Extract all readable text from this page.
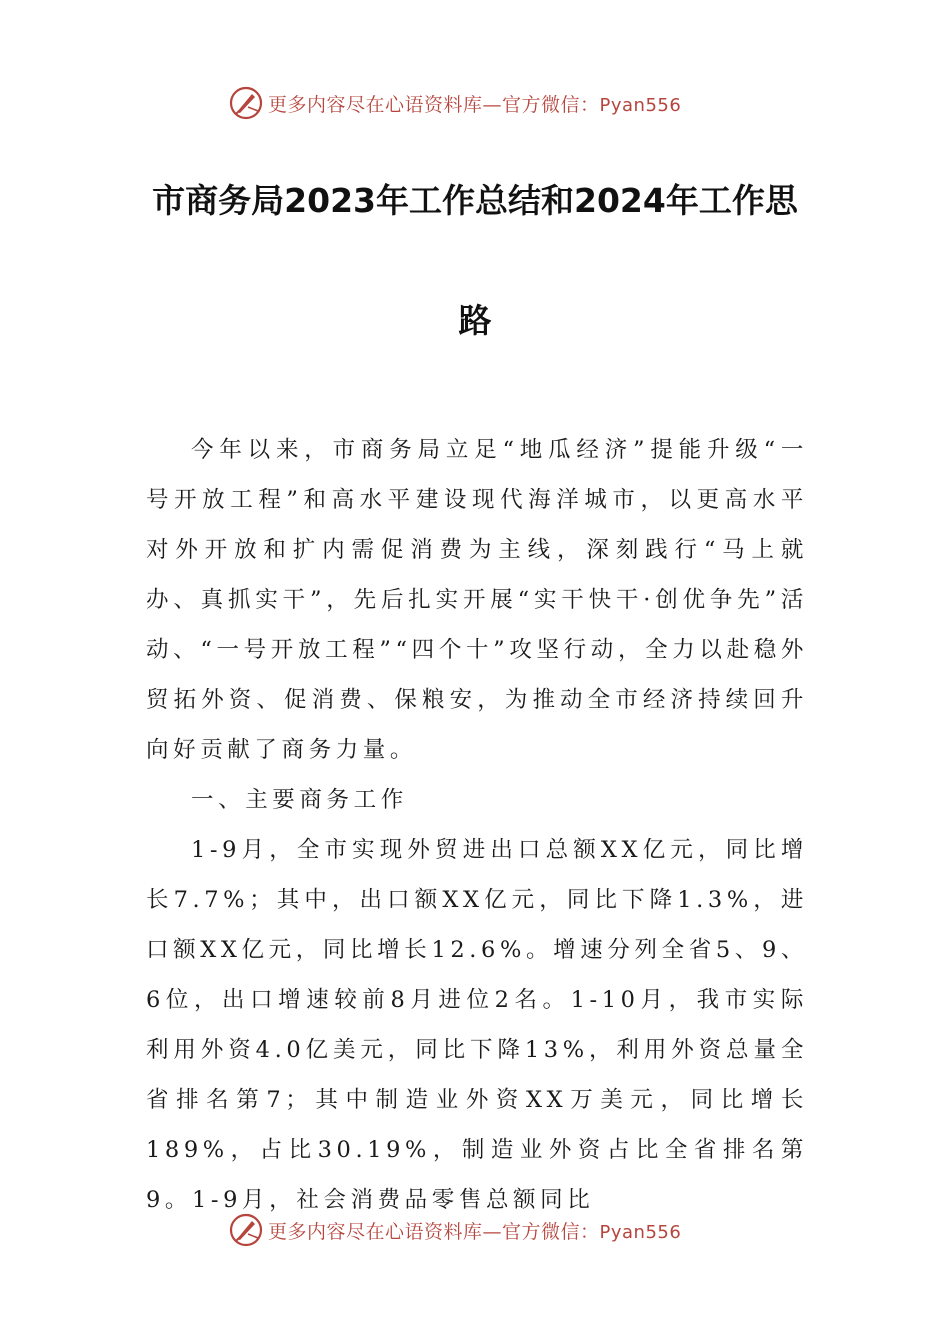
更多内容尽在心语资料库—官方微信：Pyan556
市商务局2023年工作总结和2024年工作思
路

今年以来，市商务局立足“地瓜经济”提能升级“一号开放工程”和高水平建设现代海洋城市，以更高水平对外开放和扩内需促消费为主线，深刻践行“马上就办、真抓实干”，先后扎实开展“实干快干·创优争先”活动、“一号开放工程”“四个十”攻坚行动，全力以赴稳外贸拓外资、促消费、保粮安，为推动全市经济持续回升向好贡献了商务力量。

一、主要商务工作

1-9月，全市实现外贸进出口总额XX亿元，同比增长7.7%；其中，出口额XX亿元，同比下降1.3%，进口额XX亿元，同比增长12.6%。增速分列全省5、9、6位，出口增速较前8月进位2名。1-10月，我市实际利用外资4.0亿美元，同比下降13%，利用外资总量全省排名第7；其中制造业外资XX万美元，同比增长189%，占比30.19%，制造业外资占比全省排名第9。1-9月，社会消费品零售总额同比

更多内容尽在心语资料库—官方微信：Pyan556
